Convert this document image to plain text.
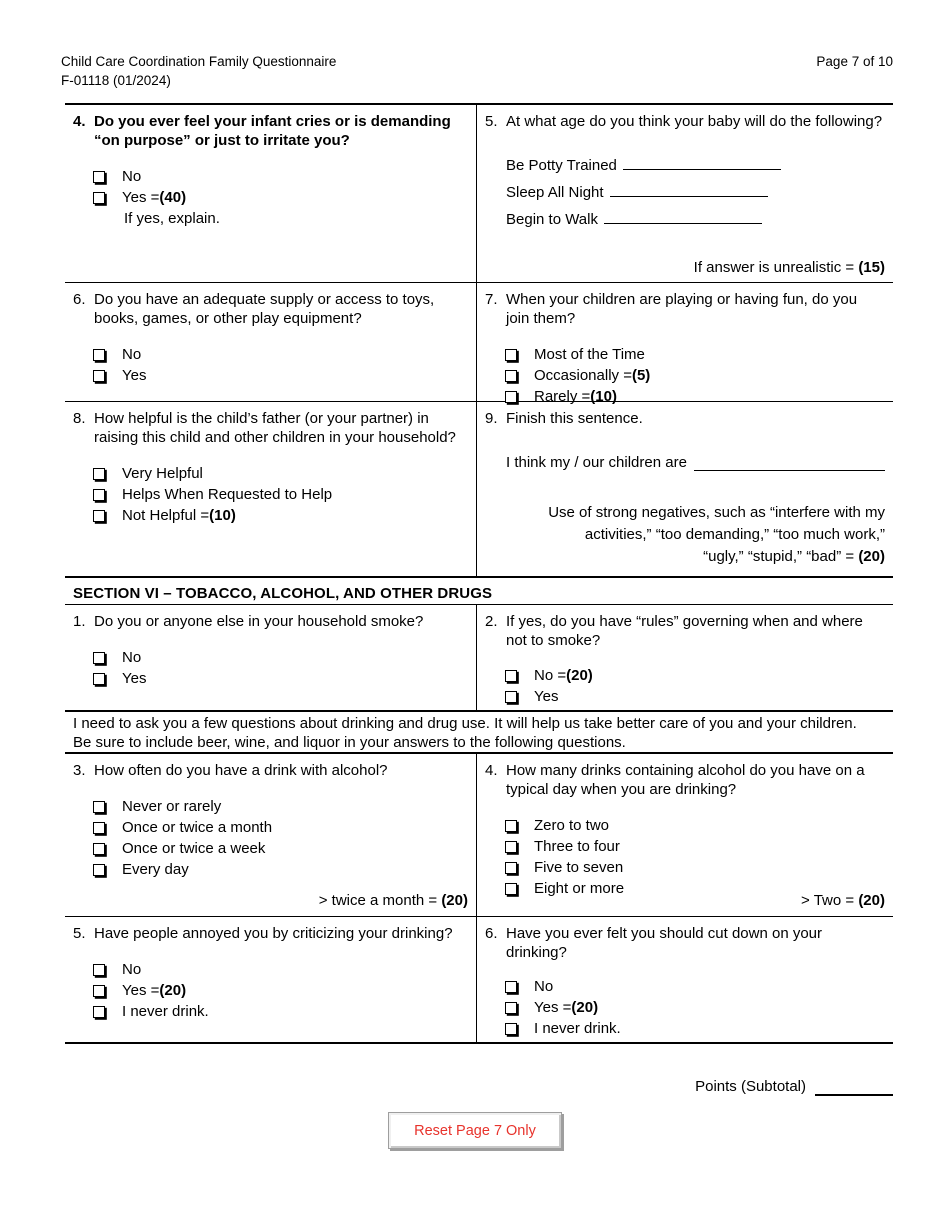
Child Care Coordination Family Questionnaire
F-01118 (01/2024)
Page 7 of 10
4. Do you ever feel your infant cries or is demanding “on purpose” or just to irritate you?
No
Yes = (40)
If yes, explain.
5. At what age do you think your baby will do the following?
Be Potty Trained
Sleep All Night
Begin to Walk
If answer is unrealistic = (15)
6. Do you have an adequate supply or access to toys, books, games, or other play equipment?
No
Yes
7. When your children are playing or having fun, do you join them?
Most of the Time
Occasionally = (5)
Rarely = (10)
8. How helpful is the child’s father (or your partner) in raising this child and other children in your household?
Very Helpful
Helps When Requested to Help
Not Helpful = (10)
9. Finish this sentence.
I think my / our children are
Use of strong negatives, such as “interfere with my
activities,” “too demanding,” “too much work,”
“ugly,” “stupid,” “bad” = (20)
SECTION VI – TOBACCO, ALCOHOL, AND OTHER DRUGS
1. Do you or anyone else in your household smoke?
No
Yes
2. If yes, do you have “rules” governing when and where not to smoke?
No = (20)
Yes
I need to ask you a few questions about drinking and drug use. It will help us take better care of you and your children.
Be sure to include beer, wine, and liquor in your answers to the following questions.
3. How often do you have a drink with alcohol?
Never or rarely
Once or twice a month
Once or twice a week
Every day
> twice a month = (20)
4. How many drinks containing alcohol do you have on a typical day when you are drinking?
Zero to two
Three to four
Five to seven
Eight or more
> Two = (20)
5. Have people annoyed you by criticizing your drinking?
No
Yes = (20)
I never drink.
6. Have you ever felt you should cut down on your drinking?
No
Yes = (20)
I never drink.
Points (Subtotal)
Reset Page 7 Only
